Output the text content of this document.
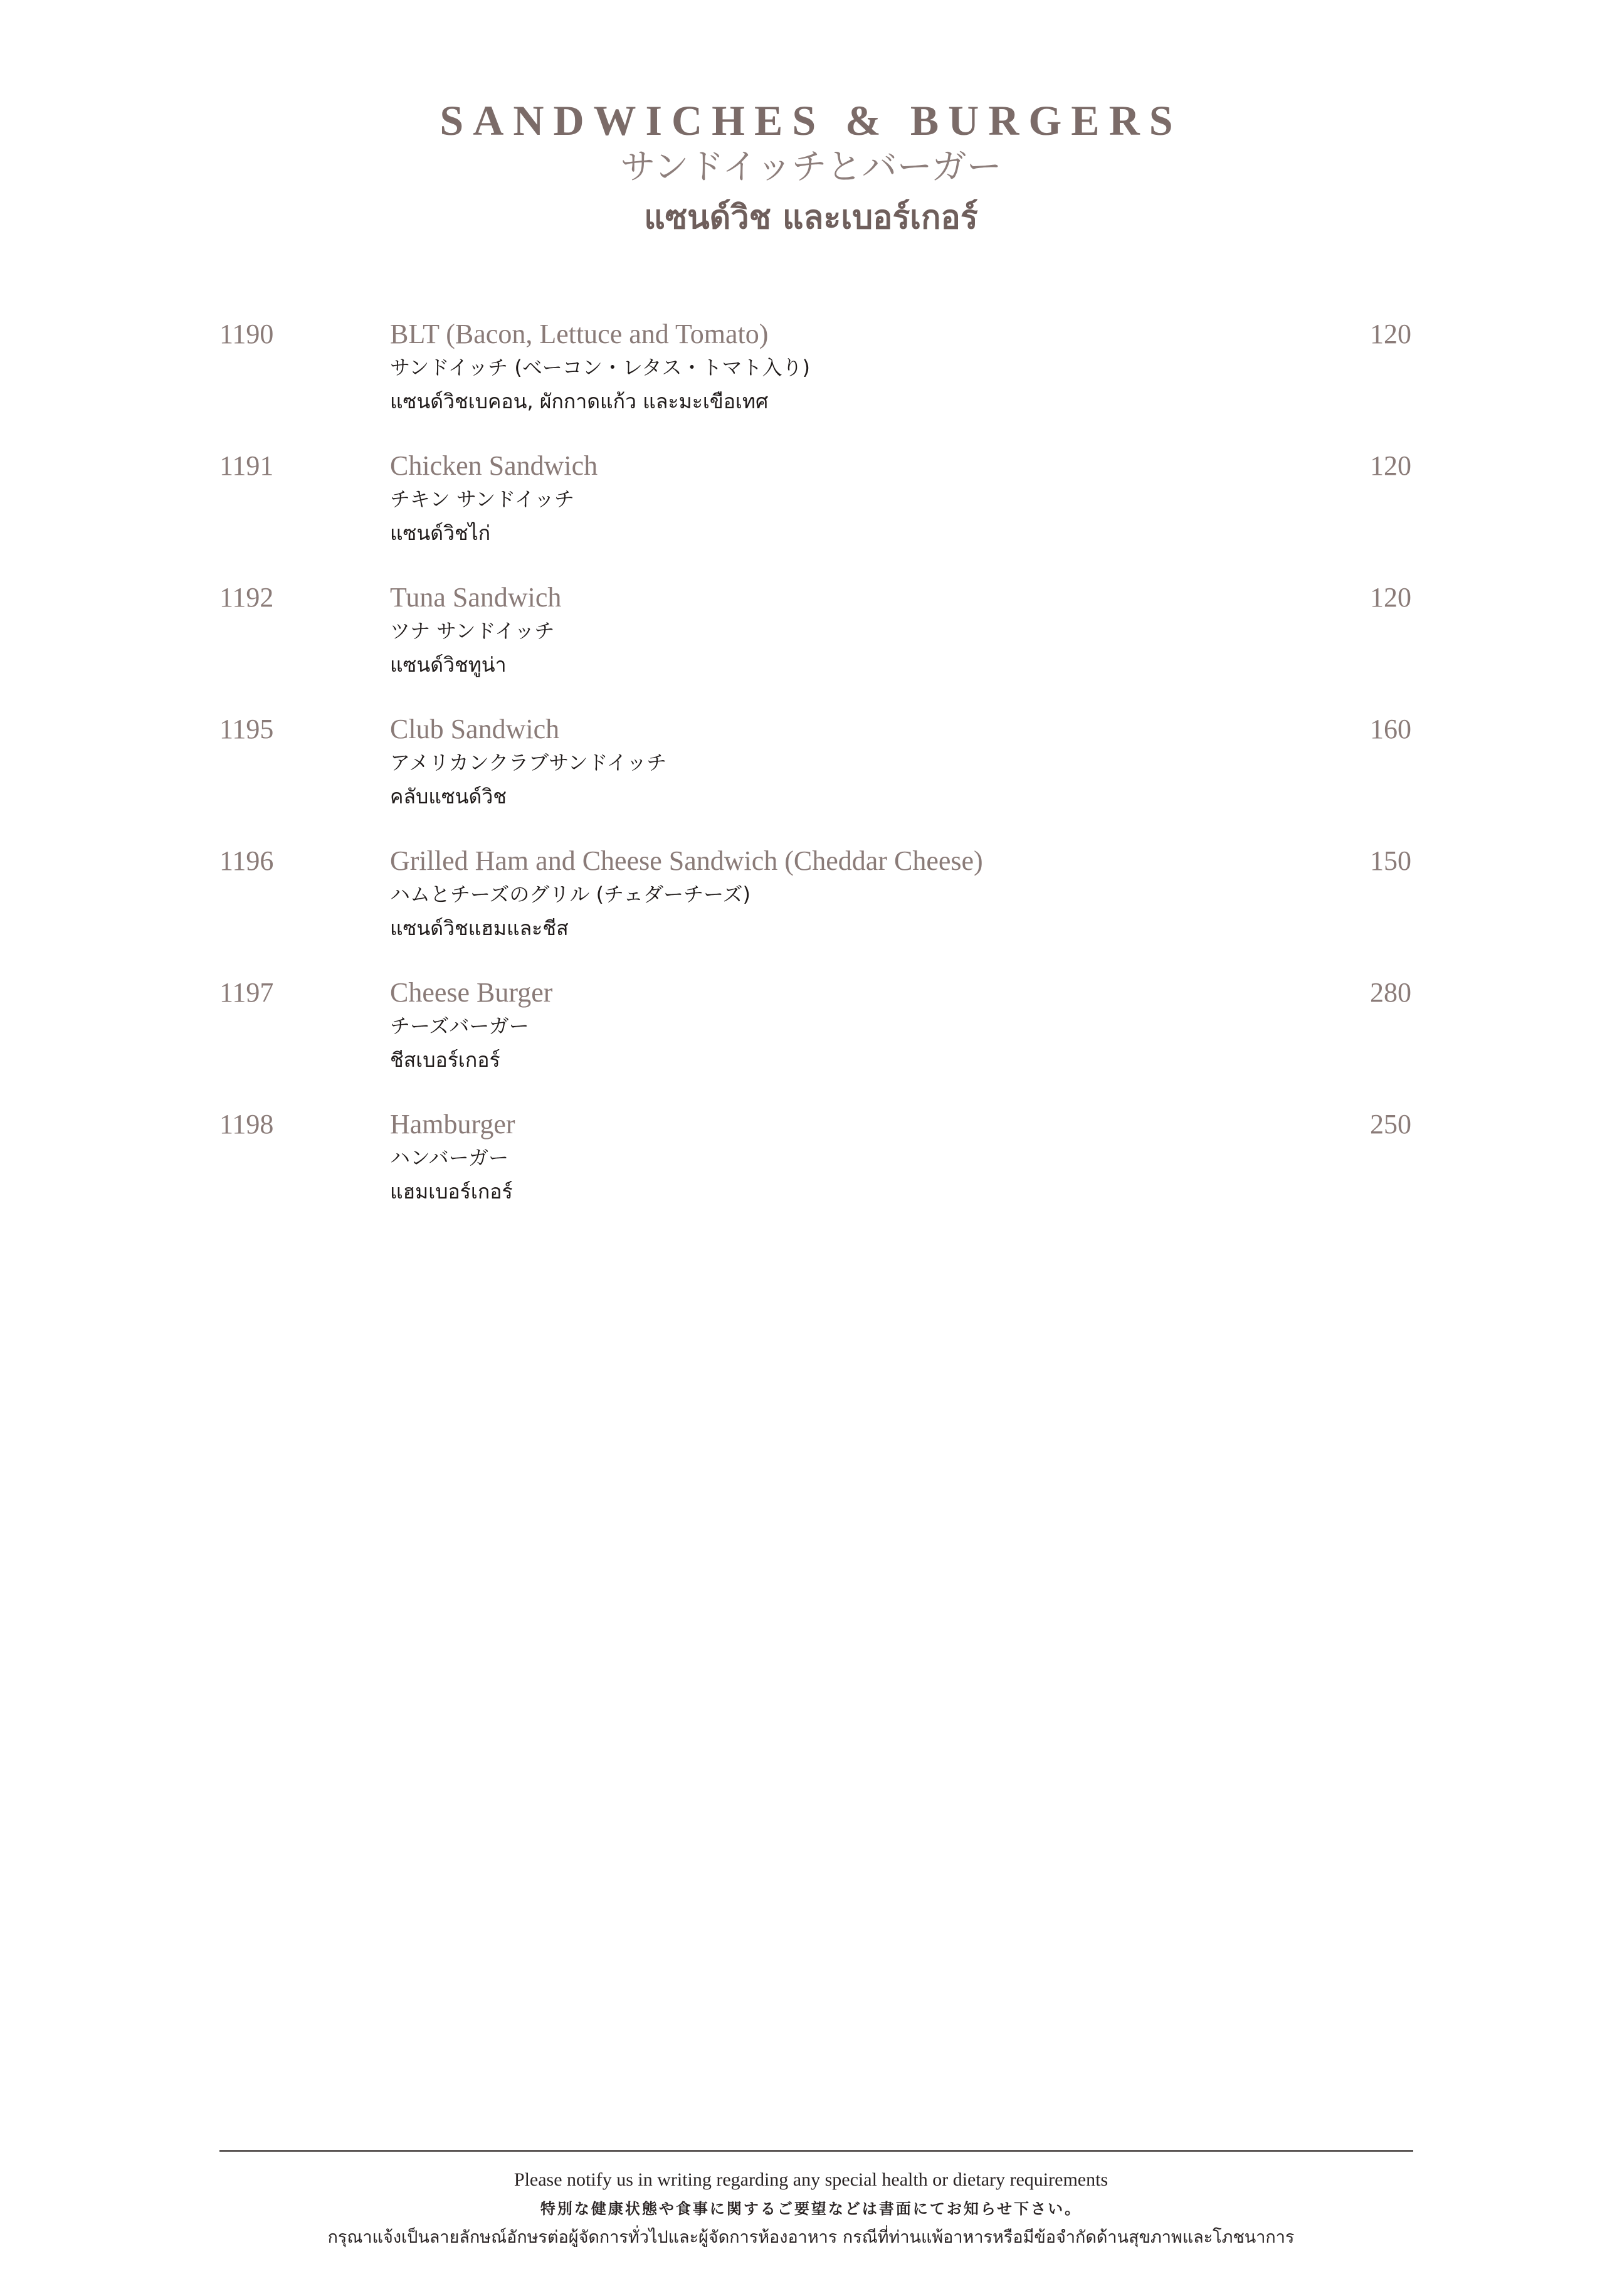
SANDWICHES & BURGERS
サンドイッチとバーガー
แซนด์วิช และเบอร์เกอร์
1190	BLT (Bacon, Lettuce and Tomato)
サンドイッチ (ベーコン・レタス・トマト入り)
แซนด์วิชเบคอน, ผักกาดแก้ว และมะเขือเทศ
120
1191	Chicken Sandwich
チキン サンドイッチ
แซนด์วิชไก่
120
1192	Tuna Sandwich
ツナ サンドイッチ
แซนด์วิชทูน่า
120
1195	Club Sandwich
アメリカンクラブサンドイッチ
คลับแซนด์วิช
160
1196	Grilled Ham and Cheese Sandwich (Cheddar Cheese)
ハムとチーズのグリル (チェダーチーズ)
แซนด์วิชแฮมและชีส
150
1197	Cheese Burger
チーズバーガー
ชีสเบอร์เกอร์
280
1198	Hamburger
ハンバーガー
แฮมเบอร์เกอร์
250
Please notify us in writing regarding any special health or dietary requirements
特別な健康状態や食事に関するご要望などは書面にてお知らせ下さい。
กรุณาแจ้งเป็นลายลักษณ์อักษรต่อผู้จัดการทั่วไปและผู้จัดการห้องอาหาร กรณีที่ท่านแพ้อาหารหรือมีข้อจำกัดด้านสุขภาพและโภชนาการ
